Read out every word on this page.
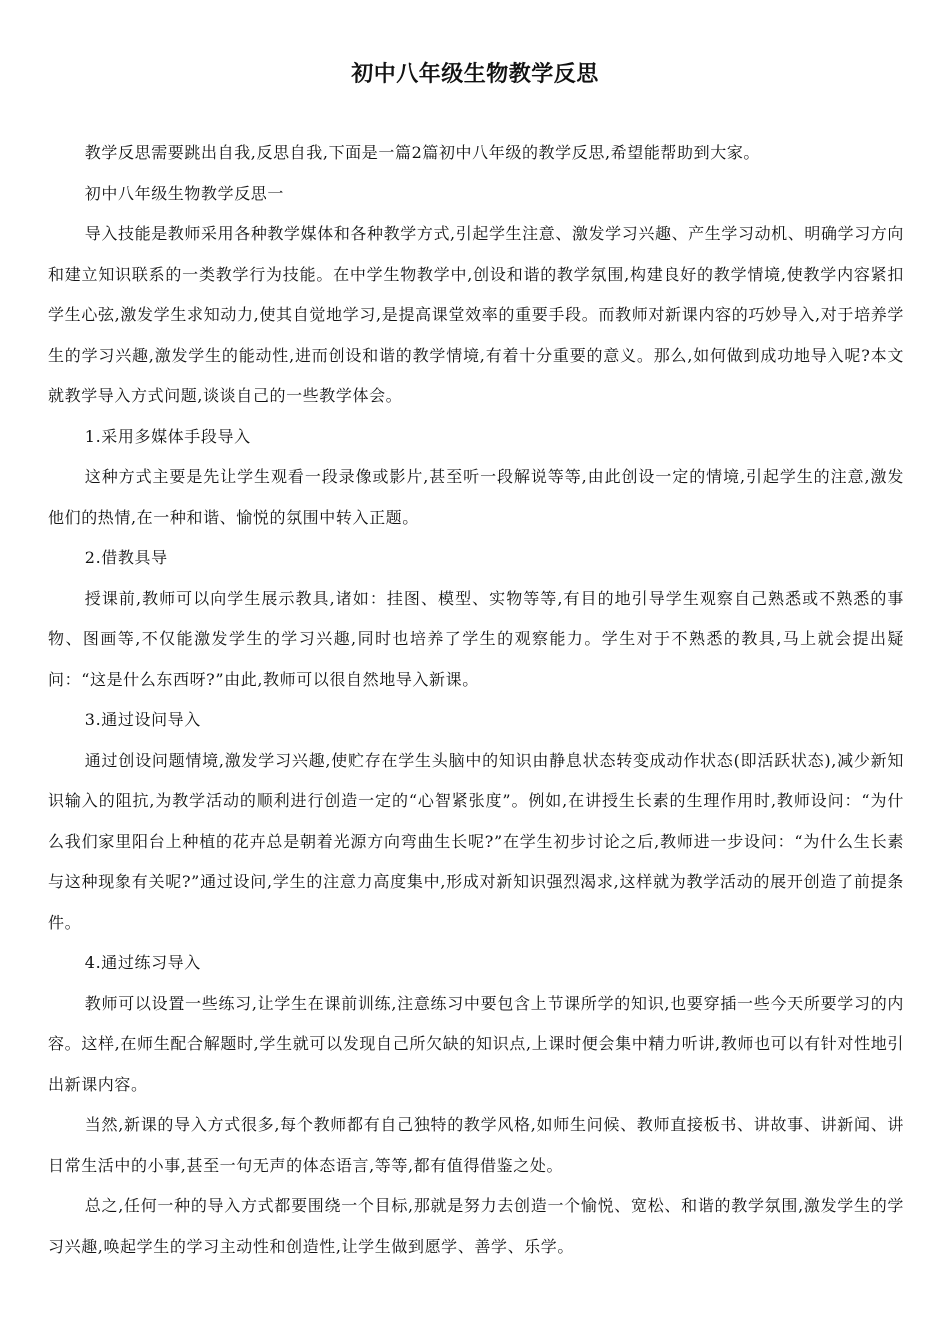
初中八年级生物教学反思

教学反思需要跳出自我,反思自我,下面是一篇2篇初中八年级的教学反思,希望能帮助到大家。

初中八年级生物教学反思一

导入技能是教师采用各种教学媒体和各种教学方式,引起学生注意、激发学习兴趣、产生学习动机、明确学习方向和建立知识联系的一类教学行为技能。在中学生物教学中,创设和谐的教学氛围,构建良好的教学情境,使教学内容紧扣学生心弦,激发学生求知动力,使其自觉地学习,是提高课堂效率的重要手段。而教师对新课内容的巧妙导入,对于培养学生的学习兴趣,激发学生的能动性,进而创设和谐的教学情境,有着十分重要的意义。那么,如何做到成功地导入呢?本文就教学导入方式问题,谈谈自己的一些教学体会。

1.采用多媒体手段导入

这种方式主要是先让学生观看一段录像或影片,甚至听一段解说等等,由此创设一定的情境,引起学生的注意,激发他们的热情,在一种和谐、愉悦的氛围中转入正题。

2.借教具导

授课前,教师可以向学生展示教具,诸如：挂图、模型、实物等等,有目的地引导学生观察自己熟悉或不熟悉的事物、图画等,不仅能激发学生的学习兴趣,同时也培养了学生的观察能力。学生对于不熟悉的教具,马上就会提出疑问：“这是什么东西呀?”由此,教师可以很自然地导入新课。

3.通过设问导入

通过创设问题情境,激发学习兴趣,使贮存在学生头脑中的知识由静息状态转变成动作状态(即活跃状态),减少新知识输入的阻抗,为教学活动的顺利进行创造一定的“心智紧张度”。例如,在讲授生长素的生理作用时,教师设问：“为什么我们家里阳台上种植的花卉总是朝着光源方向弯曲生长呢?”在学生初步讨论之后,教师进一步设问：“为什么生长素与这种现象有关呢?”通过设问,学生的注意力高度集中,形成对新知识强烈渴求,这样就为教学活动的展开创造了前提条件。

4.通过练习导入

教师可以设置一些练习,让学生在课前训练,注意练习中要包含上节课所学的知识,也要穿插一些今天所要学习的内容。这样,在师生配合解题时,学生就可以发现自己所欠缺的知识点,上课时便会集中精力听讲,教师也可以有针对性地引出新课内容。

当然,新课的导入方式很多,每个教师都有自己独特的教学风格,如师生问候、教师直接板书、讲故事、讲新闻、讲日常生活中的小事,甚至一句无声的体态语言,等等,都有值得借鉴之处。

总之,任何一种的导入方式都要围绕一个目标,那就是努力去创造一个愉悦、宽松、和谐的教学氛围,激发学生的学习兴趣,唤起学生的学习主动性和创造性,让学生做到愿学、善学、乐学。
